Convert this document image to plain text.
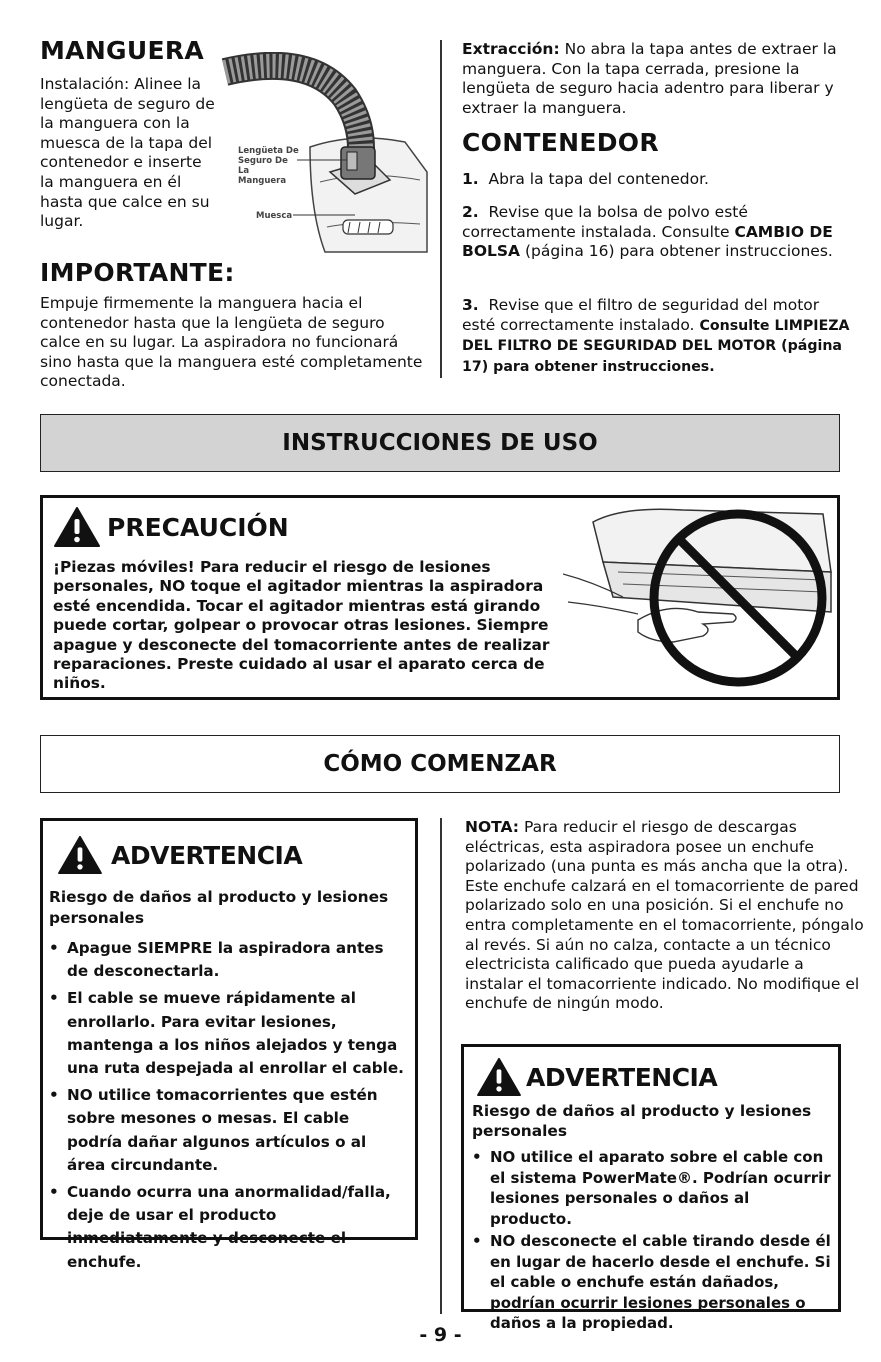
MANGUERA

Instalación: Alinee la lengüeta de seguro de la manguera con la muesca de la tapa del contenedor e inserte la manguera en él hasta que calce en su lugar.

Lengüeta De Seguro De La Manguera
Muesca
IMPORTANTE:

Empuje firmemente la manguera hacia el contenedor hasta que la lengüeta de seguro calce en su lugar. La aspiradora no funcionará sino hasta que la manguera esté completamente conectada.

Extracción: No abra la tapa antes de extraer la manguera. Con la tapa cerrada, presione la lengüeta de seguro hacia adentro para liberar y extraer la manguera.

CONTENEDOR

1. Abra la tapa del contenedor.

2. Revise que la bolsa de polvo esté correctamente instalada. Consulte CAMBIO DE BOLSA (página 16) para obtener instrucciones.

3. Revise que el filtro de seguridad del motor esté correctamente instalado. Consulte LIMPIEZA DEL FILTRO DE SEGURIDAD DEL MOTOR (página 17) para obtener instrucciones.

INSTRUCCIONES DE USO
PRECAUCIÓN

¡Piezas móviles! Para reducir el riesgo de lesiones personales, NO toque el agitador mientras la aspiradora esté encendida. Tocar el agitador mientras está girando puede cortar, golpear o provocar otras lesiones. Siempre apague y desconecte del tomacorriente antes de realizar reparaciones. Preste cuidado al usar el aparato cerca de niños.

CÓMO COMENZAR
ADVERTENCIA

Riesgo de daños al producto y lesiones personales

• Apague SIEMPRE la aspiradora antes de desconectarla.
• El cable se mueve rápidamente al enrollarlo. Para evitar lesiones, mantenga a los niños alejados y tenga una ruta despejada al enrollar el cable.
• NO utilice tomacorrientes que estén sobre mesones o mesas. El cable podría dañar algunos artículos o al área circundante.
• Cuando ocurra una anormalidad/falla, deje de usar el producto inmediatamente y desconecte el enchufe.

NOTA: Para reducir el riesgo de descargas eléctricas, esta aspiradora posee un enchufe polarizado (una punta es más ancha que la otra). Este enchufe calzará en el tomacorriente de pared polarizado solo en una posición. Si el enchufe no entra completamente en el tomacorriente, póngalo al revés. Si aún no calza, contacte a un técnico electricista calificado que pueda ayudarle a instalar el tomacorriente indicado. No modifique el enchufe de ningún modo.

ADVERTENCIA

Riesgo de daños al producto y lesiones personales

• NO utilice el aparato sobre el cable con el sistema PowerMate®. Podrían ocurrir lesiones personales o daños al producto.
• NO desconecte el cable tirando desde él en lugar de hacerlo desde el enchufe. Si el cable o enchufe están dañados, podrían ocurrir lesiones personales o daños a la propiedad.
- 9 -
